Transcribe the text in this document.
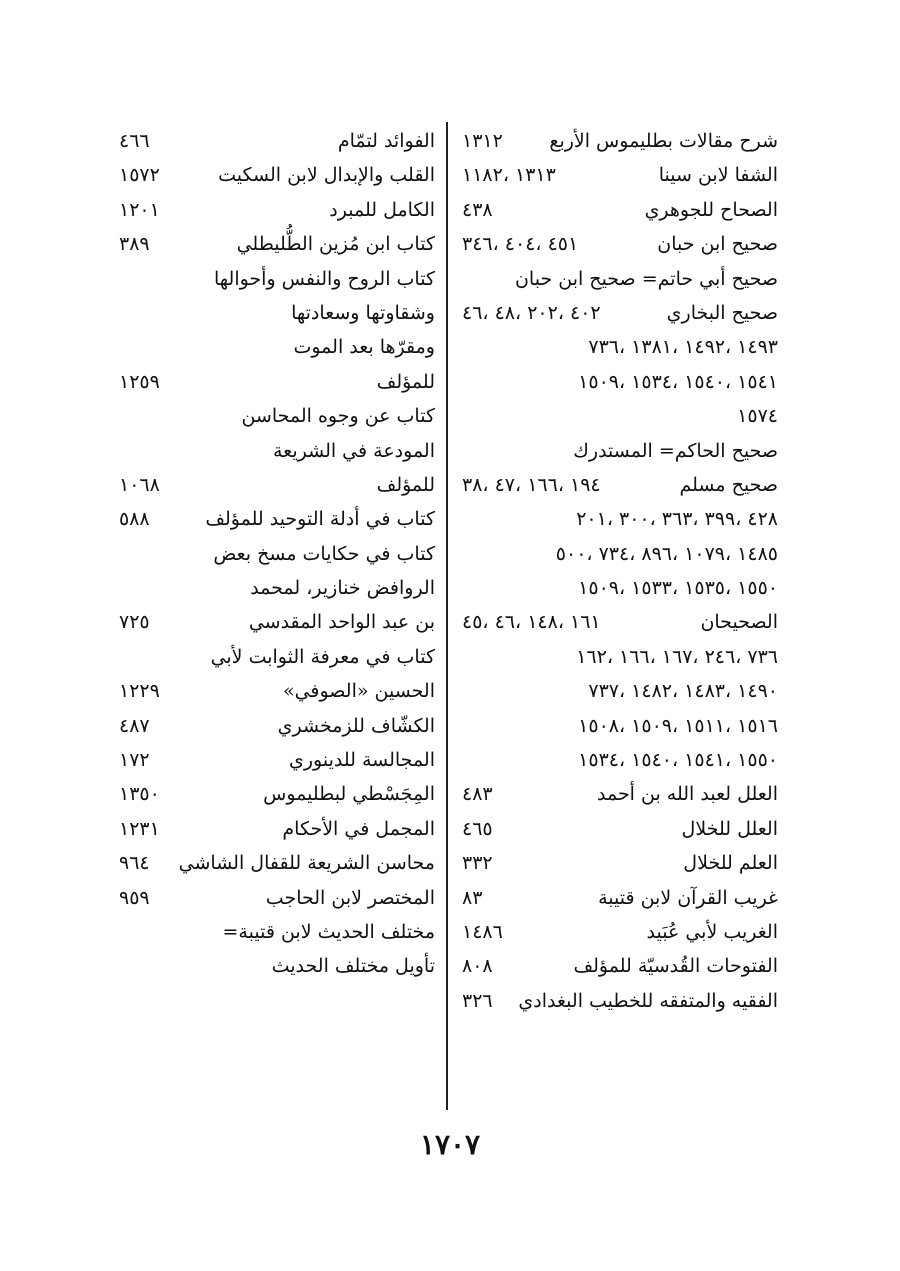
شرح مقالات بطليموس الأربع
١٣١٢
الشفا لابن سينا
١٣١٣ ،١١٨٢
الصحاح للجوهري
٤٣٨
صحيح ابن حبان
٤٥١ ،٤٠٤ ،٣٤٦
صحيح أبي حاتم= صحيح ابن حبان
صحيح البخاري
٤٠٢ ،٢٠٢ ،٤٨ ،٤٦
١٤٩٣ ،١٤٩٢ ،١٣٨١ ،٧٣٦
١٥٤١ ،١٥٤٠ ،١٥٣٤ ،١٥٠٩
١٥٧٤
صحيح الحاكم= المستدرك
صحيح مسلم
١٩٤ ،١٦٦ ،٤٧ ،٣٨
٤٢٨ ،٣٩٩ ،٣٦٣ ،٣٠٠ ،٢٠١
١٤٨٥ ،١٠٧٩ ،٨٩٦ ،٧٣٤ ،٥٠٠
١٥٥٠ ،١٥٣٥ ،١٥٣٣ ،١٥٠٩
الصحيحان
١٦١ ،١٤٨ ،٤٦ ،٤٥
٧٣٦ ،٢٤٦ ،١٦٧ ،١٦٦ ،١٦٢
١٤٩٠ ،١٤٨٣ ،١٤٨٢ ،٧٣٧
١٥١٦ ،١٥١١ ،١٥٠٩ ،١٥٠٨
١٥٥٠ ،١٥٤١ ،١٥٤٠ ،١٥٣٤
العلل لعبد الله بن أحمد
٤٨٣
العلل للخلال
٤٦٥
العلم للخلال
٣٣٢
غريب القرآن لابن قتيبة
٨٣
الغريب لأبي عُبَيد
١٤٨٦
الفتوحات القُدسيّة للمؤلف
٨٠٨
الفقيه والمتفقه للخطيب البغدادي
٣٢٦
الفوائد لتمّام
٤٦٦
القلب والإبدال لابن السكيت
١٥٧٢
الكامل للمبرد
١٢٠١
كتاب ابن مُزين الطُّليطلي
٣٨٩
كتاب الروح والنفس وأحوالها
وشقاوتها وسعادتها
ومقرّها بعد الموت
للمؤلف
١٢٥٩
كتاب عن وجوه المحاسن
المودعة في الشريعة
للمؤلف
١٠٦٨
كتاب في أدلة التوحيد للمؤلف
٥٨٨
كتاب في حكايات مسخ بعض
الروافض خنازير، لمحمد
بن عبد الواحد المقدسي
٧٢٥
كتاب في معرفة الثوابت لأبي
الحسين «الصوفي»
١٢٢٩
الكشّاف للزمخشري
٤٨٧
المجالسة للدينوري
١٧٢
المِجَسْطي لبطليموس
١٣٥٠
المجمل في الأحكام
١٢٣١
محاسن الشريعة للقفال الشاشي
٩٦٤
المختصر لابن الحاجب
٩٥٩
مختلف الحديث لابن قتيبة=
تأويل مختلف الحديث
١٧٠٧
